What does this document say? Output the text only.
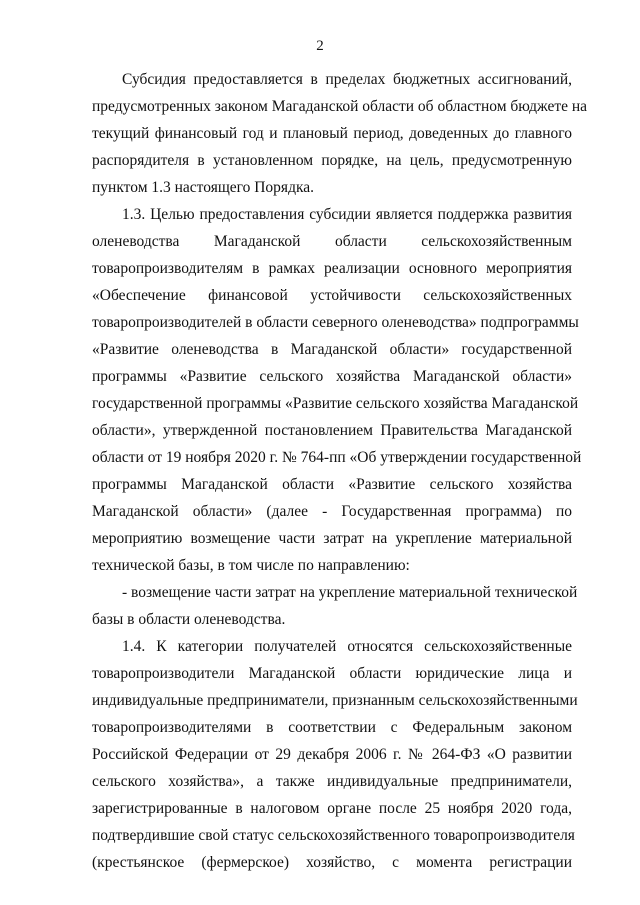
2
Субсидия предоставляется в пределах бюджетных ассигнований,
предусмотренных законом Магаданской области об областном бюджете на
текущий финансовый год и плановый период, доведенных до главного
распорядителя в установленном порядке, на цель, предусмотренную
пунктом 1.3 настоящего Порядка.
1.3. Целью предоставления субсидии является поддержка развития
оленеводства Магаданской области сельскохозяйственным
товаропроизводителям в рамках реализации основного мероприятия
«Обеспечение финансовой устойчивости сельскохозяйственных
товаропроизводителей в области северного оленеводства» подпрограммы
«Развитие оленеводства в Магаданской области» государственной
программы «Развитие сельского хозяйства Магаданской области»
государственной программы «Развитие сельского хозяйства Магаданской
области», утвержденной постановлением Правительства Магаданской
области от 19 ноября 2020 г. № 764-пп «Об утверждении государственной
программы Магаданской области «Развитие сельского хозяйства
Магаданской области» (далее - Государственная программа) по
мероприятию возмещение части затрат на укрепление материальной
технической базы, в том числе по направлению:
- возмещение части затрат на укрепление материальной технической
базы в области оленеводства.
1.4. К категории получателей относятся сельскохозяйственные
товаропроизводители Магаданской области юридические лица и
индивидуальные предприниматели, признанным сельскохозяйственными
товаропроизводителями в соответствии с Федеральным законом
Российской Федерации от 29 декабря 2006 г. № 264-ФЗ «О развитии
сельского хозяйства», а также индивидуальные предприниматели,
зарегистрированные в налоговом органе после 25 ноября 2020 года,
подтвердившие свой статус сельскохозяйственного товаропроизводителя
(крестьянское (фермерское) хозяйство, с момента регистрации
